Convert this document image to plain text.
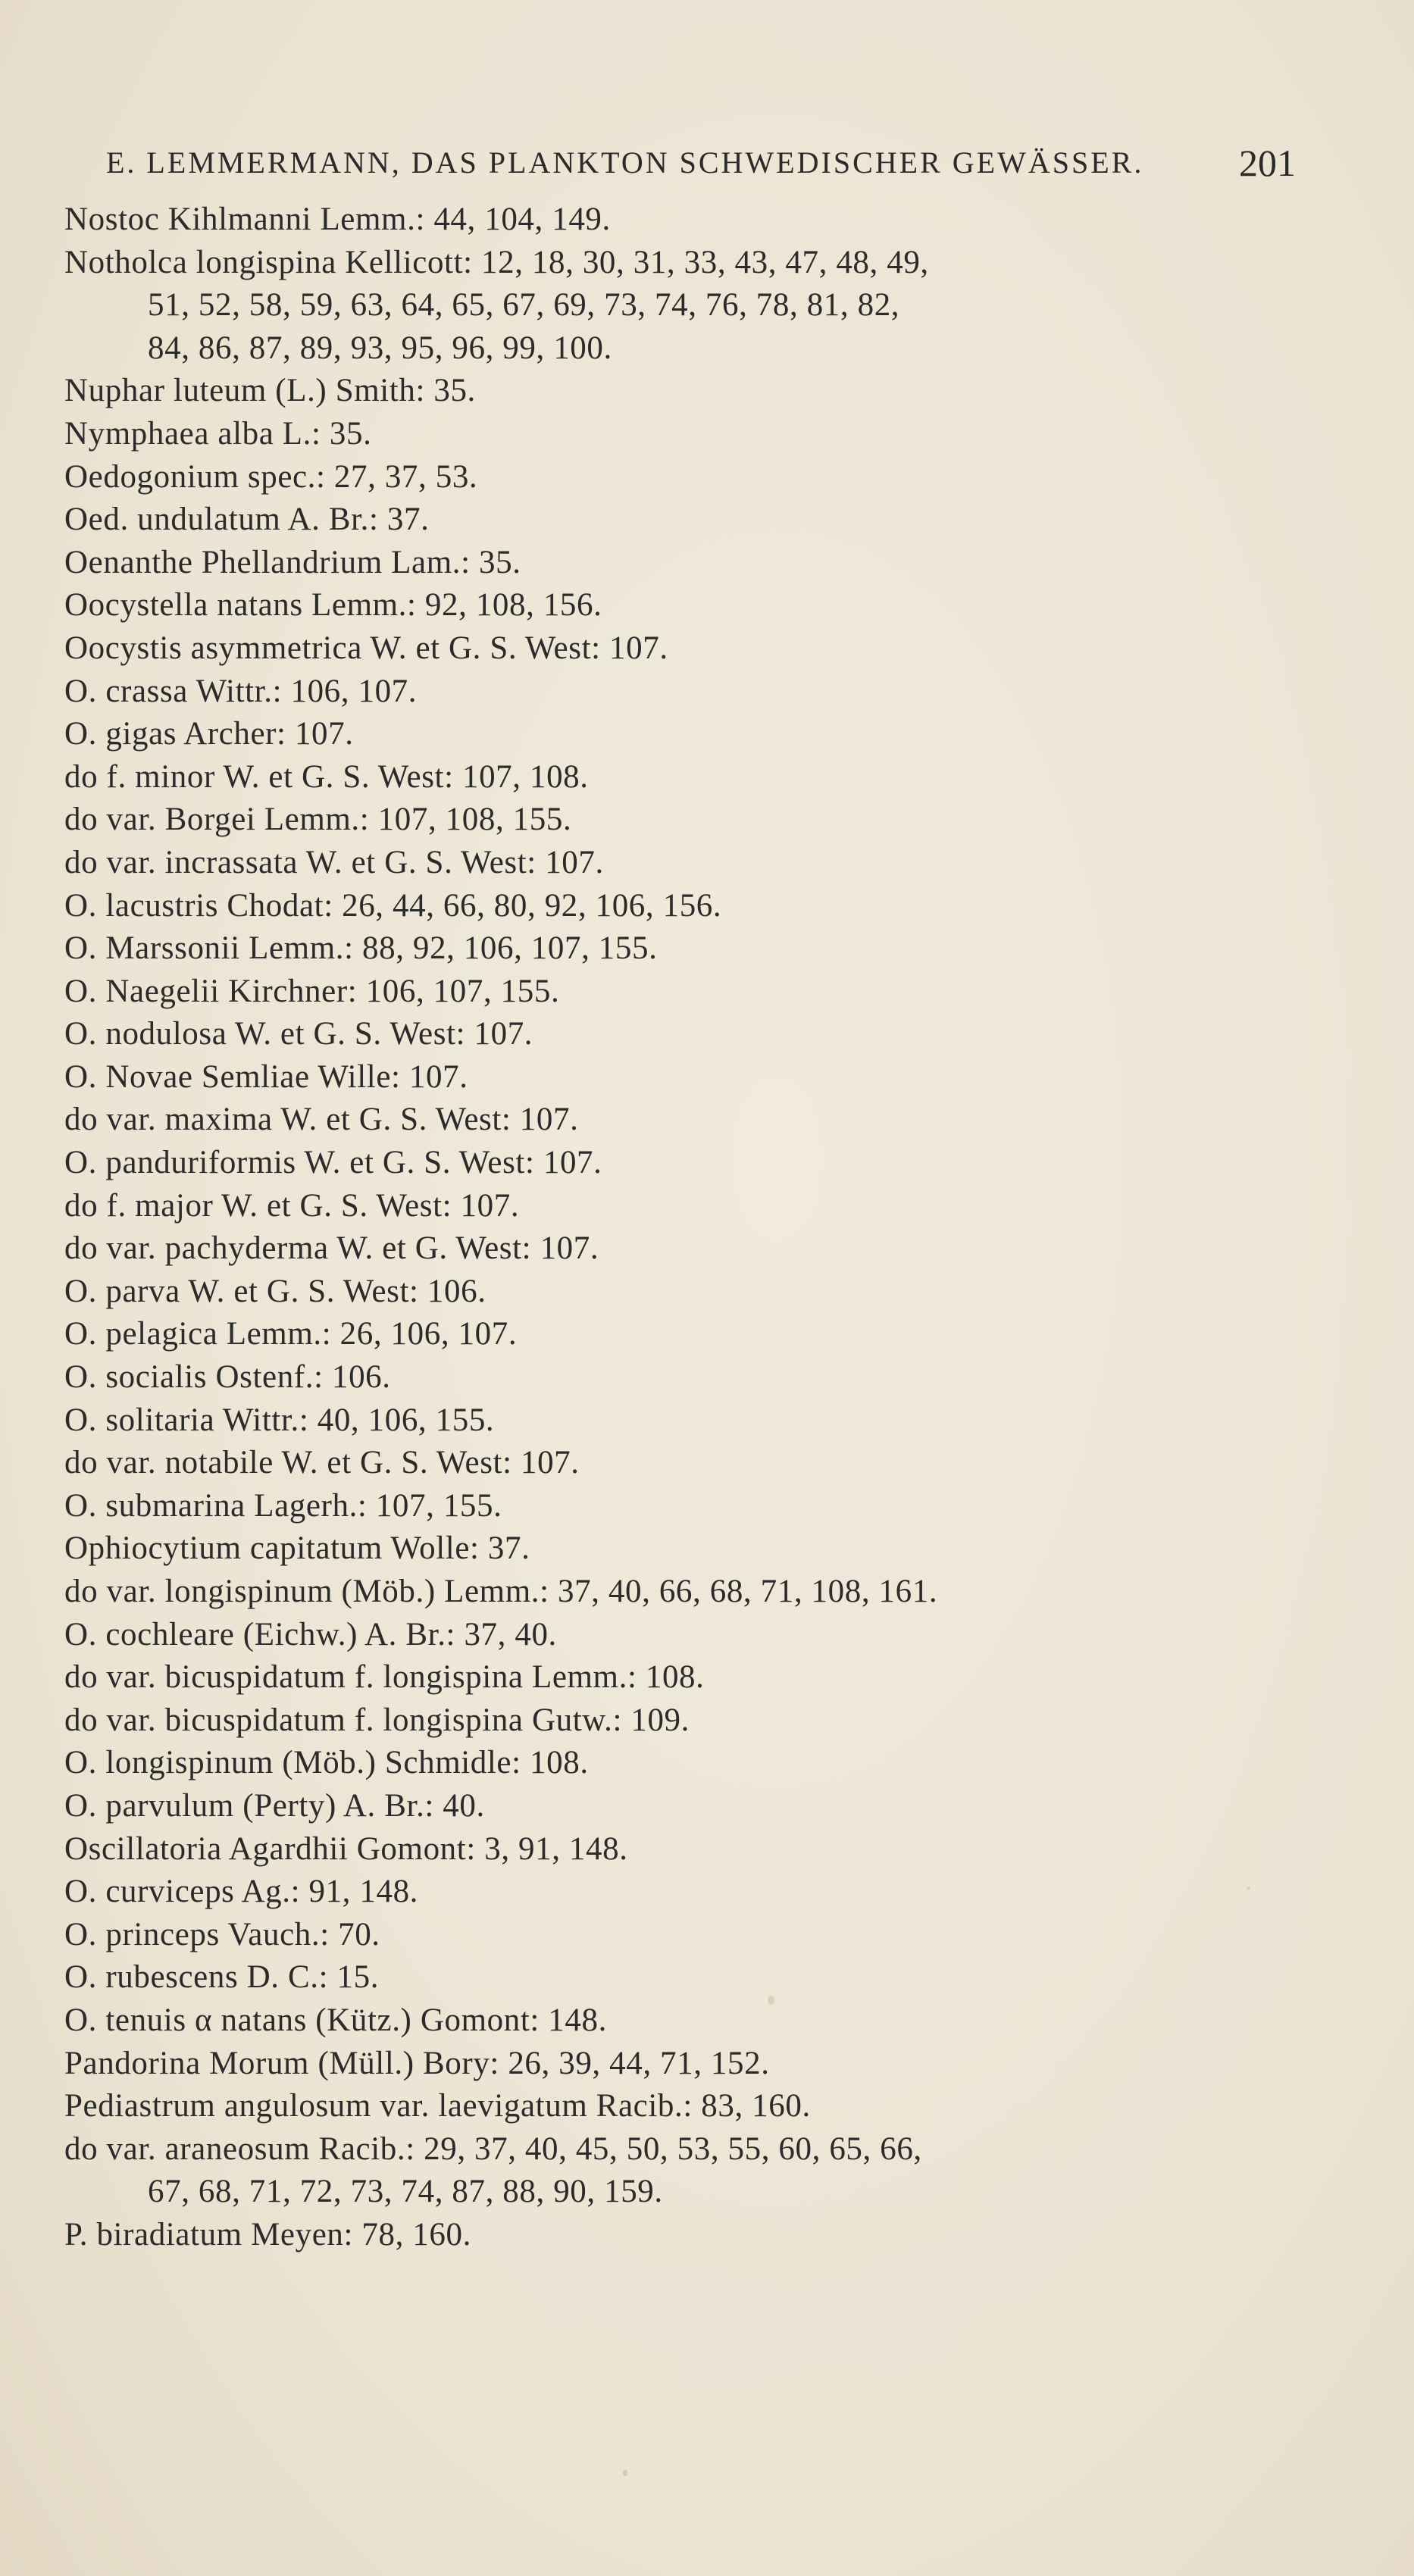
E. LEMMERMANN, DAS PLANKTON SCHWEDISCHER GEWÄSSER.	201
Nostoc Kihlmanni Lemm.: 44, 104, 149.
Notholca longispina Kellicott: 12, 18, 30, 31, 33, 43, 47, 48, 49,
51, 52, 58, 59, 63, 64, 65, 67, 69, 73, 74, 76, 78, 81, 82,
84, 86, 87, 89, 93, 95, 96, 99, 100.
Nuphar luteum (L.) Smith: 35.
Nymphaea alba L.: 35.
Oedogonium spec.: 27, 37, 53.
Oed. undulatum A. Br.: 37.
Oenanthe Phellandrium Lam.: 35.
Oocystella natans Lemm.: 92, 108, 156.
Oocystis asymmetrica W. et G. S. West: 107.
O. crassa Wittr.: 106, 107.
O. gigas Archer: 107.
do f. minor W. et G. S. West: 107, 108.
do var. Borgei Lemm.: 107, 108, 155.
do var. incrassata W. et G. S. West: 107.
O. lacustris Chodat: 26, 44, 66, 80, 92, 106, 156.
O. Marssonii Lemm.: 88, 92, 106, 107, 155.
O. Naegelii Kirchner: 106, 107, 155.
O. nodulosa W. et G. S. West: 107.
O. Novae Semliae Wille: 107.
do var. maxima W. et G. S. West: 107.
O. panduriformis W. et G. S. West: 107.
do f. major W. et G. S. West: 107.
do var. pachyderma W. et G. West: 107.
O. parva W. et G. S. West: 106.
O. pelagica Lemm.: 26, 106, 107.
O. socialis Ostenf.: 106.
O. solitaria Wittr.: 40, 106, 155.
do var. notabile W. et G. S. West: 107.
O. submarina Lagerh.: 107, 155.
Ophiocytium capitatum Wolle: 37.
do var. longispinum (Möb.) Lemm.: 37, 40, 66, 68, 71, 108, 161.
O. cochleare (Eichw.) A. Br.: 37, 40.
do var. bicuspidatum f. longispina Lemm.: 108.
do var. bicuspidatum f. longispina Gutw.: 109.
O. longispinum (Möb.) Schmidle: 108.
O. parvulum (Perty) A. Br.: 40.
Oscillatoria Agardhii Gomont: 3, 91, 148.
O. curviceps Ag.: 91, 148.
O. princeps Vauch.: 70.
O. rubescens D. C.: 15.
O. tenuis α natans (Kütz.) Gomont: 148.
Pandorina Morum (Müll.) Bory: 26, 39, 44, 71, 152.
Pediastrum angulosum var. laevigatum Racib.: 83, 160.
do var. araneosum Racib.: 29, 37, 40, 45, 50, 53, 55, 60, 65, 66,
67, 68, 71, 72, 73, 74, 87, 88, 90, 159.
P. biradiatum Meyen: 78, 160.
